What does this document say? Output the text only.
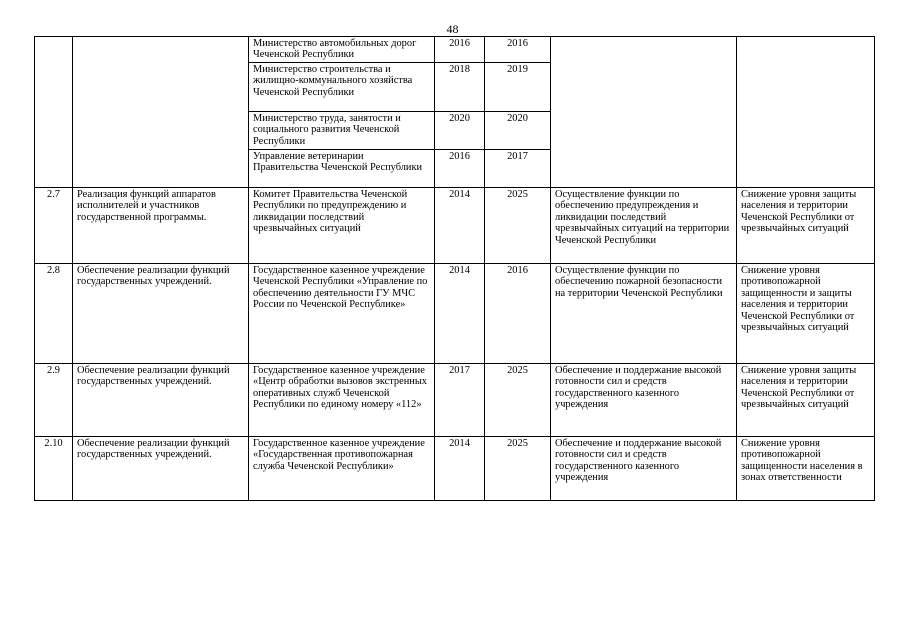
48
		Министерство автомобильных дорог Чеченской Республики	2016	2016		
		Министерство строительства и жилищно-коммунального хозяйства Чеченской Республики	2018	2019		
		Министерство труда, занятости и социального развития Чеченской Республики	2020	2020		
		Управление ветеринарии Правительства Чеченской Республики	2016	2017		
2.7	Реализация функций аппаратов исполнителей и участников государственной программы.	Комитет Правительства Чеченской Республики по предупреждению и ликвидации последствий чрезвычайных ситуаций	2014	2025	Осуществление функции по обеспечению предупреждения и ликвидации последствий чрезвычайных ситуаций на территории Чеченской Республики	Снижение уровня защиты населения и территории Чеченской Республики от чрезвычайных ситуаций
2.8	Обеспечение реализации функций государственных учреждений.	Государственное казенное учреждение Чеченской Республики «Управление по обеспечению деятельности ГУ МЧС России по Чеченской Республике»	2014	2016	Осуществление функции по обеспечению пожарной безопасности на территории Чеченской Республики	Снижение уровня противопожарной защищенности и защиты населения и территории Чеченской Республики от чрезвычайных ситуаций
2.9	Обеспечение реализации функций государственных учреждений.	Государственное казенное учреждение «Центр обработки вызовов экстренных оперативных служб Чеченской Республики по единому номеру «112»	2017	2025	Обеспечение и поддержание высокой готовности сил и средств государственного казенного учреждения	Снижение уровня защиты населения и территории Чеченской Республики от чрезвычайных ситуаций
2.10	Обеспечение реализации функций государственных учреждений.	Государственное казенное учреждение «Государственная противопожарная служба Чеченской Республики»	2014	2025	Обеспечение и поддержание высокой готовности сил и средств государственного казенного учреждения	Снижение уровня противопожарной защищенности населения в зонах ответственности
